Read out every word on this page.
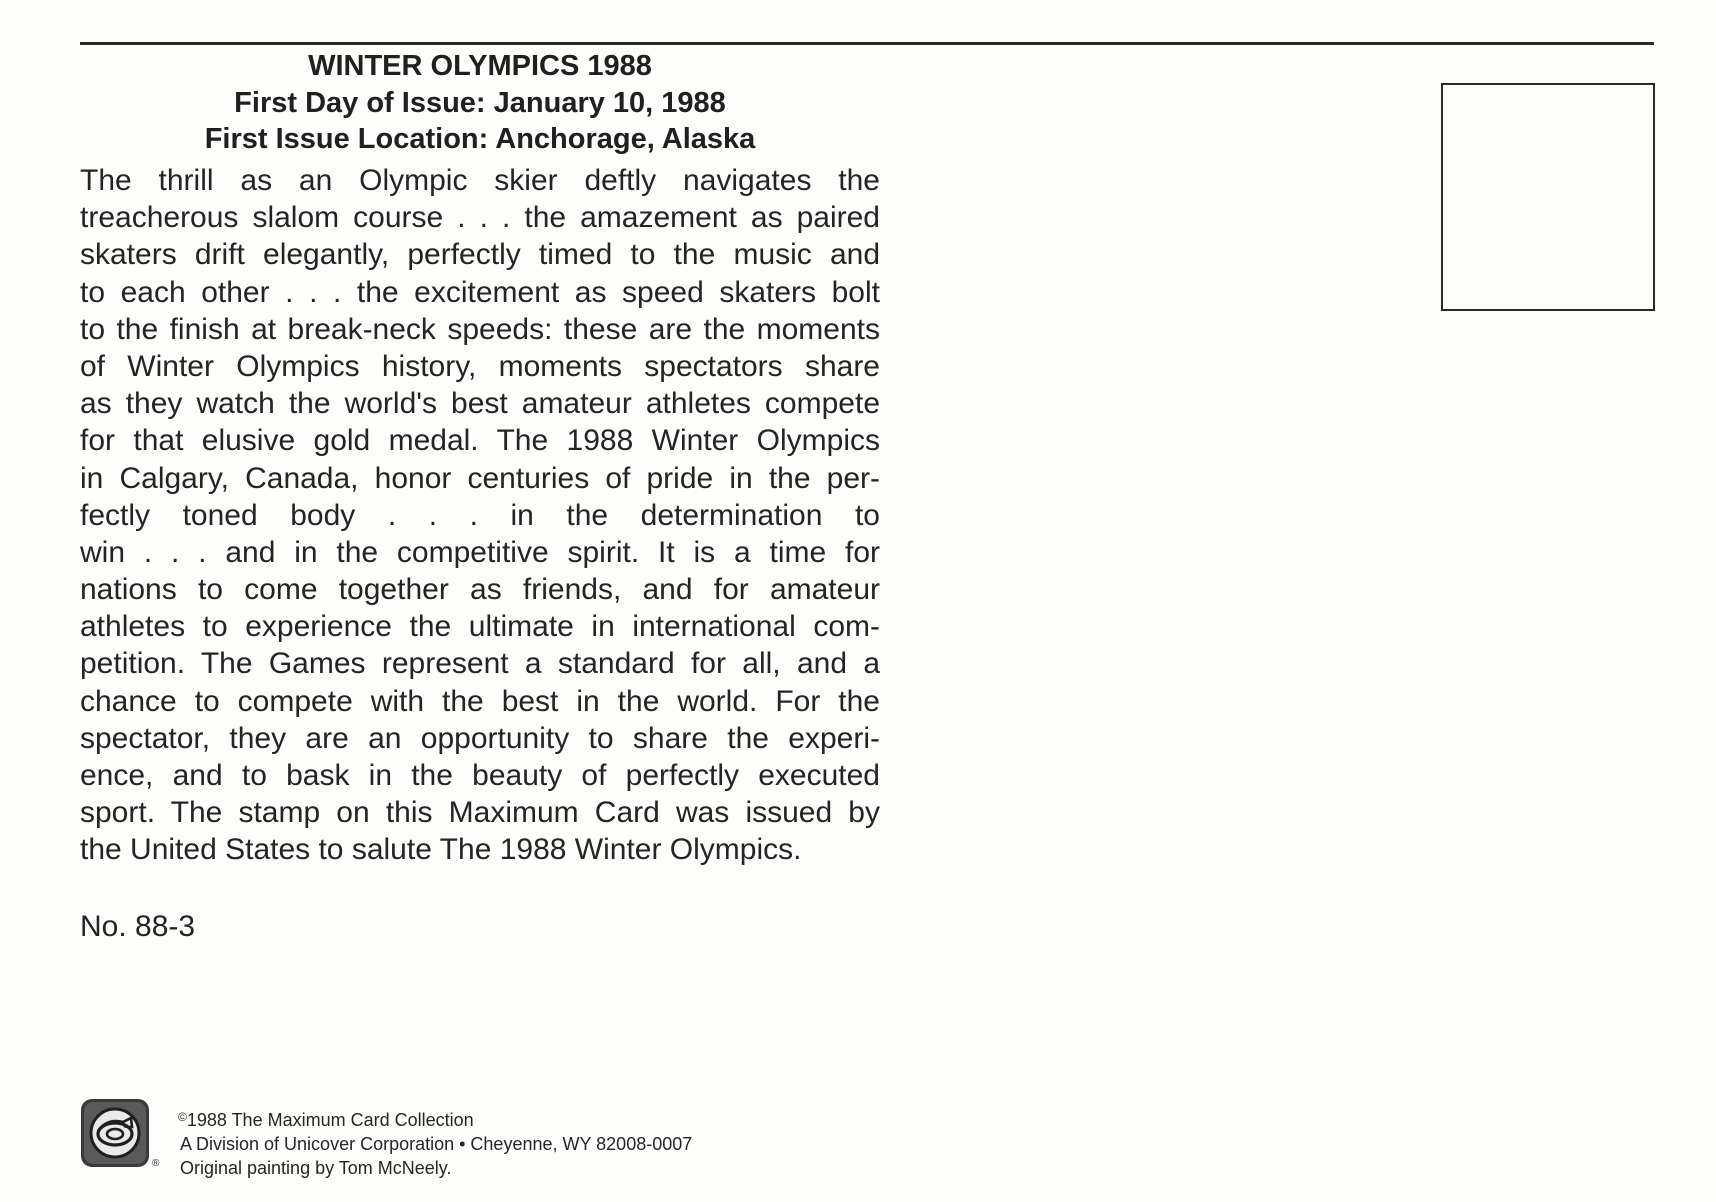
WINTER OLYMPICS 1988
First Day of Issue: January 10, 1988
First Issue Location: Anchorage, Alaska
The thrill as an Olympic skier deftly navigates the
treacherous slalom course . . . the amazement as paired
skaters drift elegantly, perfectly timed to the music and
to each other . . . the excitement as speed skaters bolt
to the finish at break-neck speeds: these are the moments
of Winter Olympics history, moments spectators share
as they watch the world's best amateur athletes compete
for that elusive gold medal. The 1988 Winter Olympics
in Calgary, Canada, honor centuries of pride in the per-
fectly toned body . . . in the determination to
win . . . and in the competitive spirit. It is a time for
nations to come together as friends, and for amateur
athletes to experience the ultimate in international com-
petition. The Games represent a standard for all, and a
chance to compete with the best in the world. For the
spectator, they are an opportunity to share the experi-
ence, and to bask in the beauty of perfectly executed
sport. The stamp on this Maximum Card was issued by
the United States to salute The 1988 Winter Olympics.
No. 88-3
®
©1988 The Maximum Card Collection
A Division of Unicover Corporation • Cheyenne, WY 82008-0007
Original painting by Tom McNeely.
